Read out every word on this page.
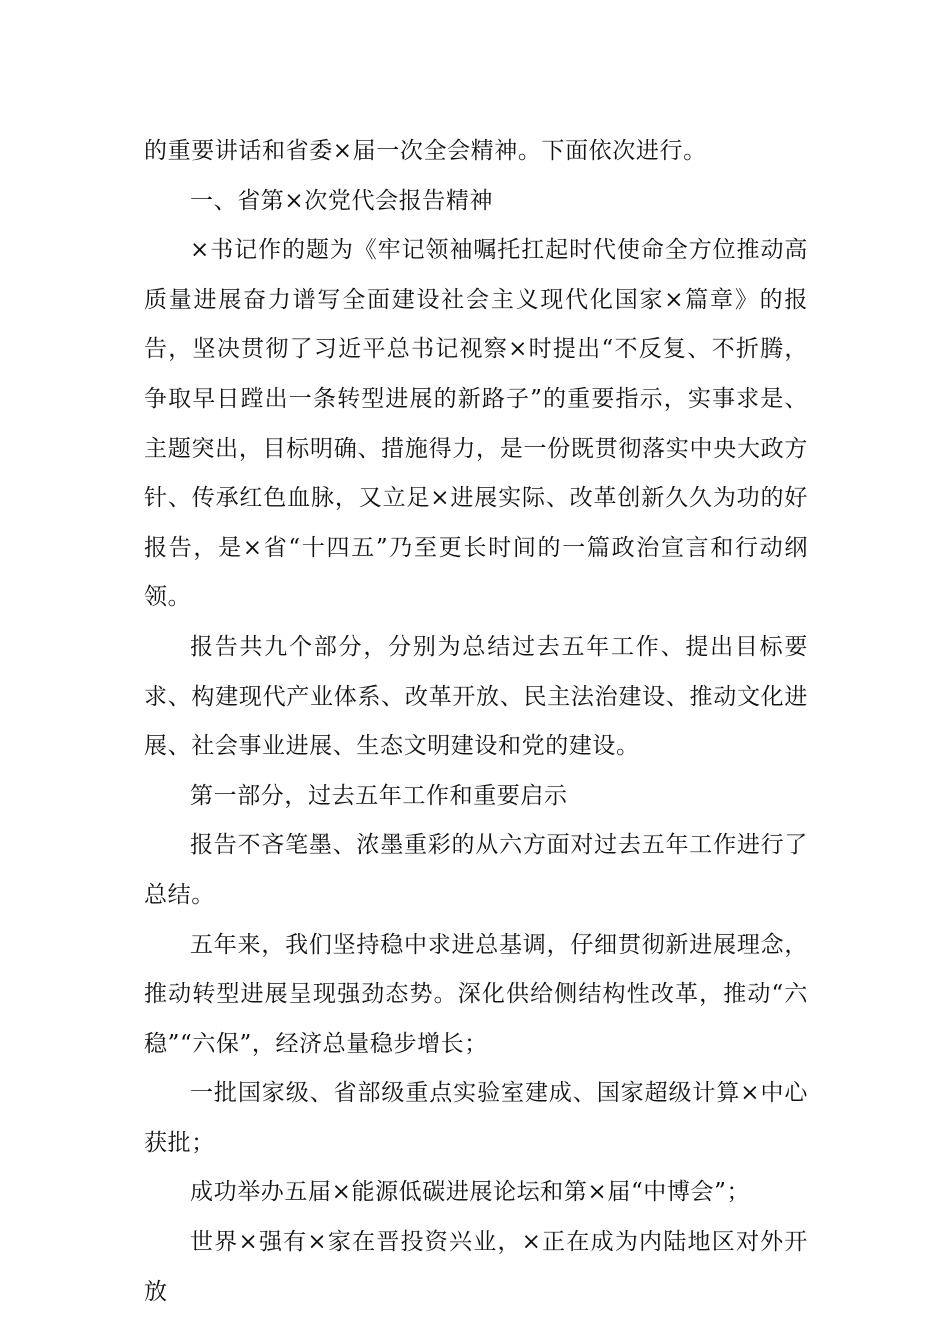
的重要讲话和省委×届一次全会精神。下面依次进行。

一、省第×次党代会报告精神

×书记作的题为《牢记领袖嘱托扛起时代使命全方位推动高质量进展奋力谱写全面建设社会主义现代化国家×篇章》的报告，坚决贯彻了习近平总书记视察×时提出“不反复、不折腾，争取早日蹚出一条转型进展的新路子”的重要指示，实事求是、主题突出，目标明确、措施得力，是一份既贯彻落实中央大政方针、传承红色血脉，又立足×进展实际、改革创新久久为功的好报告，是×省“十四五”乃至更长时间的一篇政治宣言和行动纲领。

报告共九个部分，分别为总结过去五年工作、提出目标要求、构建现代产业体系、改革开放、民主法治建设、推动文化进展、社会事业进展、生态文明建设和党的建设。

第一部分，过去五年工作和重要启示

报告不吝笔墨、浓墨重彩的从六方面对过去五年工作进行了总结。

五年来，我们坚持稳中求进总基调，仔细贯彻新进展理念，推动转型进展呈现强劲态势。深化供给侧结构性改革，推动“六稳”“六保”，经济总量稳步增长；

一批国家级、省部级重点实验室建成、国家超级计算×中心获批；

成功举办五届×能源低碳进展论坛和第×届“中博会”；

世界×强有×家在晋投资兴业，×正在成为内陆地区对外开放
